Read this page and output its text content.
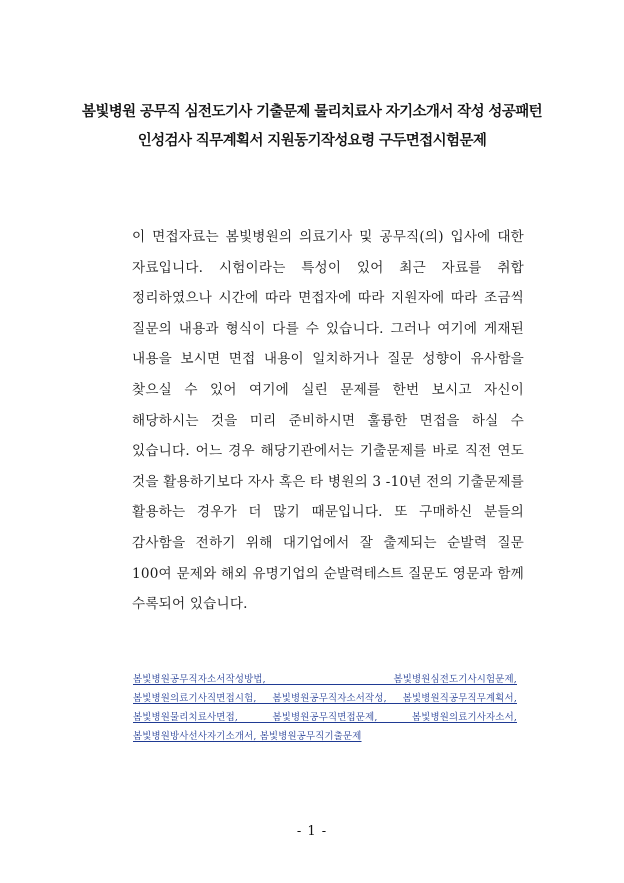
봄빛병원 공무직 심전도기사 기출문제 물리치료사 자기소개서 작성 성공패턴
인성검사 직무계획서 지원동기작성요령 구두면접시험문제

이 면접자료는 봄빛병원의 의료기사 및 공무직(의) 입사에 대한 자료입니다. 시험이라는 특성이 있어 최근 자료를 취합 정리하였으나 시간에 따라 면접자에 따라 지원자에 따라 조금씩 질문의 내용과 형식이 다를 수 있습니다. 그러나 여기에 게재된 내용을 보시면 면접 내용이 일치하거나 질문 성향이 유사함을 찾으실 수 있어 여기에 실린 문제를 한번 보시고 자신이 해당하시는 것을 미리 준비하시면 훌륭한 면접을 하실 수 있습니다. 어느 경우 해당기관에서는 기출문제를 바로 직전 연도 것을 활용하기보다 자사 혹은 타 병원의 3 -10년 전의 기출문제를 활용하는 경우가 더 많기 때문입니다. 또 구매하신 분들의 감사함을 전하기 위해 대기업에서 잘 출제되는 순발력 질문 100여 문제와 해외 유명기업의 순발력테스트 질문도 영문과 함께 수록되어 있습니다.

봄빛병원공무직자소서작성방법, 봄빛병원심전도기사시험문제, 봄빛병원의료기사직면접시험, 봄빛병원공무직자소서작성, 봄빛병원직공무직무계획서, 봄빛병원물리치료사면접, 봄빛병원공무직면접문제, 봄빛병원의료기사자소서, 봄빛병원방사선사자기소개서, 봄빛병원공무직기출문제
- 1 -
